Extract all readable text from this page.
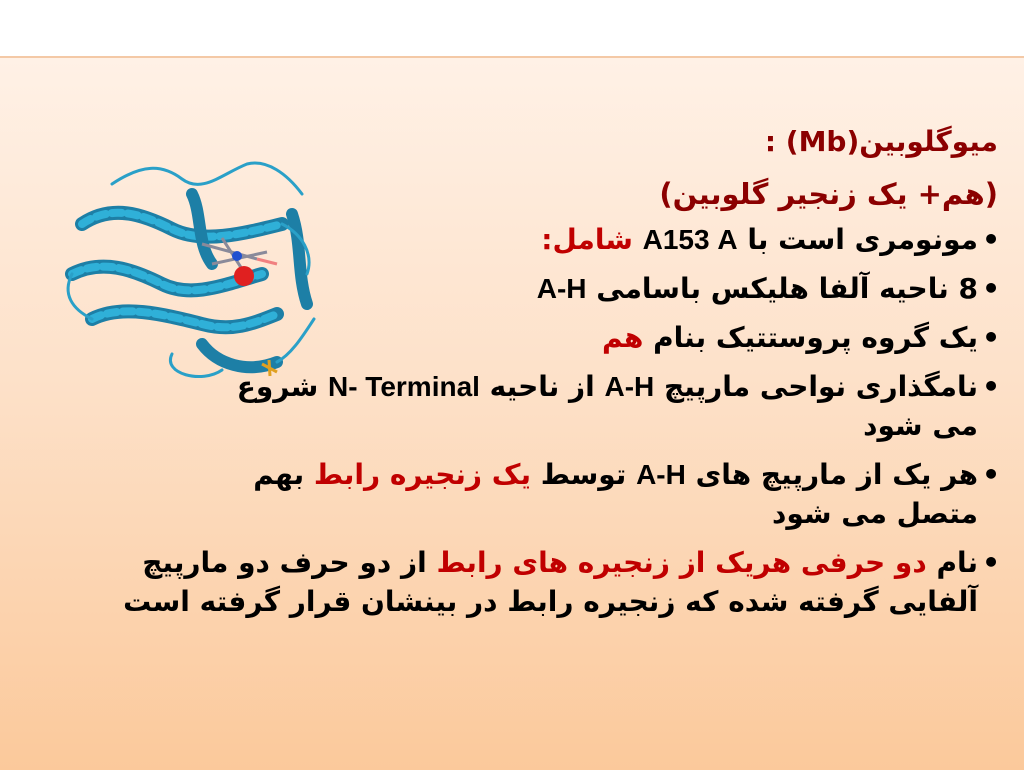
میوگلوبین(Mb) :

(هم+ یک زنجیر گلوبین)

• مونومری است با A153 A شامل:
• 8 ناحیه آلفا هلیکس باسامی A-H
• یک گروه پروستتیک بنام هم
• نامگذاری نواحی مارپیچ A-H از ناحیه N- Terminal شروع
می شود
• هر یک از مارپیچ های A-H توسط یک زنجیره رابط بهم
متصل می شود
• نام دو حرفی هریک از زنجیره های رابط از دو حرف دو مارپیچ
آلفایی گرفته شده که زنجیره رابط در بینشان قرار گرفته است
